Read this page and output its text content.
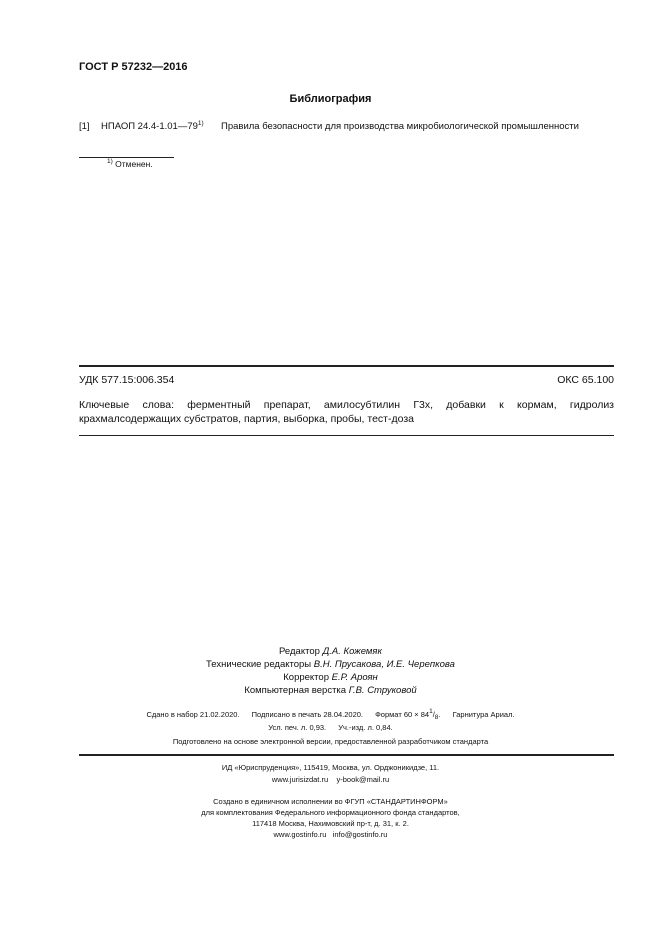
ГОСТ Р 57232—2016
Библиография
[1] НПАОП 24.4-1.01—79$^{1)}$ Правила безопасности для производства микробиологической промышленности
$^{1)}$ Отменен.
УДК 577.15:006.354	ОКС 65.100
Ключевые слова: ферментный препарат, амилосубтилин Г3х, добавки к кормам, гидролиз крахмалсодержащих субстратов, партия, выборка, пробы, тест-доза
Редактор Д.А. Кожемяк
Технические редакторы В.Н. Прусакова, И.Е. Черепкова
Корректор Е.Р. Ароян
Компьютерная верстка Г.В. Струковой
Сдано в набор 21.02.2020. Подписано в печать 28.04.2020. Формат $60 \times 84^1/_8$. Гарнитура Ариал.
Усл. печ. л. 0,93. Уч.-изд. л. 0,84.
Подготовлено на основе электронной версии, предоставленной разработчиком стандарта
ИД «Юриспруденция», 115419, Москва, ул. Орджоникидзе, 11.
www.jurisizdat.ru y-book@mail.ru
Создано в единичном исполнении во ФГУП «СТАНДАРТИНФОРМ»
для комплектования Федерального информационного фонда стандартов,
117418 Москва, Нахимовский пр-т, д. 31, к. 2.
www.gostinfo.ru info@gostinfo.ru
